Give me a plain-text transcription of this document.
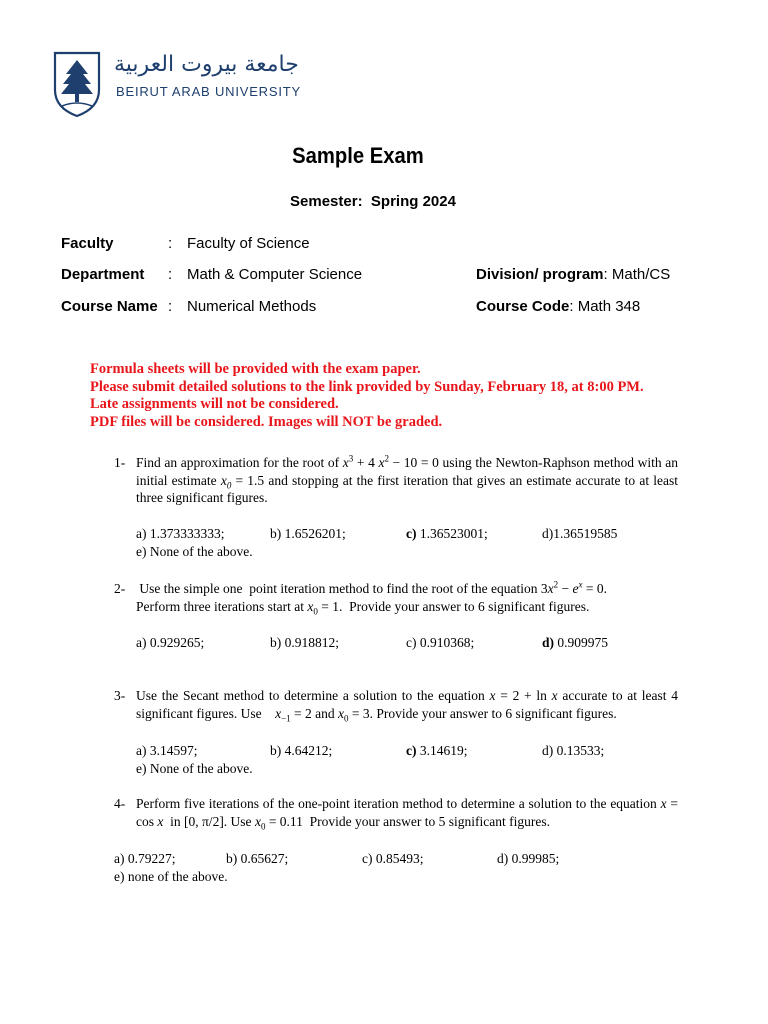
جامعة بيروت العربية
BEIRUT ARAB UNIVERSITY
Sample Exam
Semester: Spring 2024
Faculty	: Faculty of Science
Department : Math & Computer Science	Division/ program: Math/CS
Course Name : Numerical Methods	Course Code: Math 348
Formula sheets will be provided with the exam paper.
Please submit detailed solutions to the link provided by Sunday, February 18, at 8:00 PM.
Late assignments will not be considered.
PDF files will be considered. Images will NOT be graded.
1- Find an approximation for the root of $x^3 + 4$ $x^2 - 10 = 0$ using the Newton-Raphson method with an initial estimate $x_0 = 1.5$ and stopping at the first iteration that gives an estimate accurate to at least three significant figures.
a) 1.373333333;	b) 1.6526201;	c) 1.36523001;	d)1.36519585
e) None of the above.
2- Use the simple one  point iteration method to find the root of the equation $3x^2 - e^x = 0$.
Perform three iterations start at $x_0 = 1$.  Provide your answer to 6 significant figures.
a) 0.929265;	b) 0.918812;	c) 0.910368;	d) 0.909975
3- Use the Secant method to determine a solution to the equation x = 2 + ln x accurate to at least 4 significant figures. Use    $x_{-1} = 2$ and $x_0 = 3$. Provide your answer to 6 significant figures.
a) 3.14597;	b) 4.64212;	c) 3.14619;	d) 0.13533;
e) None of the above.
4- Perform five iterations of the one-point iteration method to determine a solution to the equation x = cos x  in [0, π/2]. Use $x_0 = 0.11$  Provide your answer to 5 significant figures.
a) 0.79227;	b) 0.65627;	c) 0.85493;	d) 0.99985;
e) none of the above.
